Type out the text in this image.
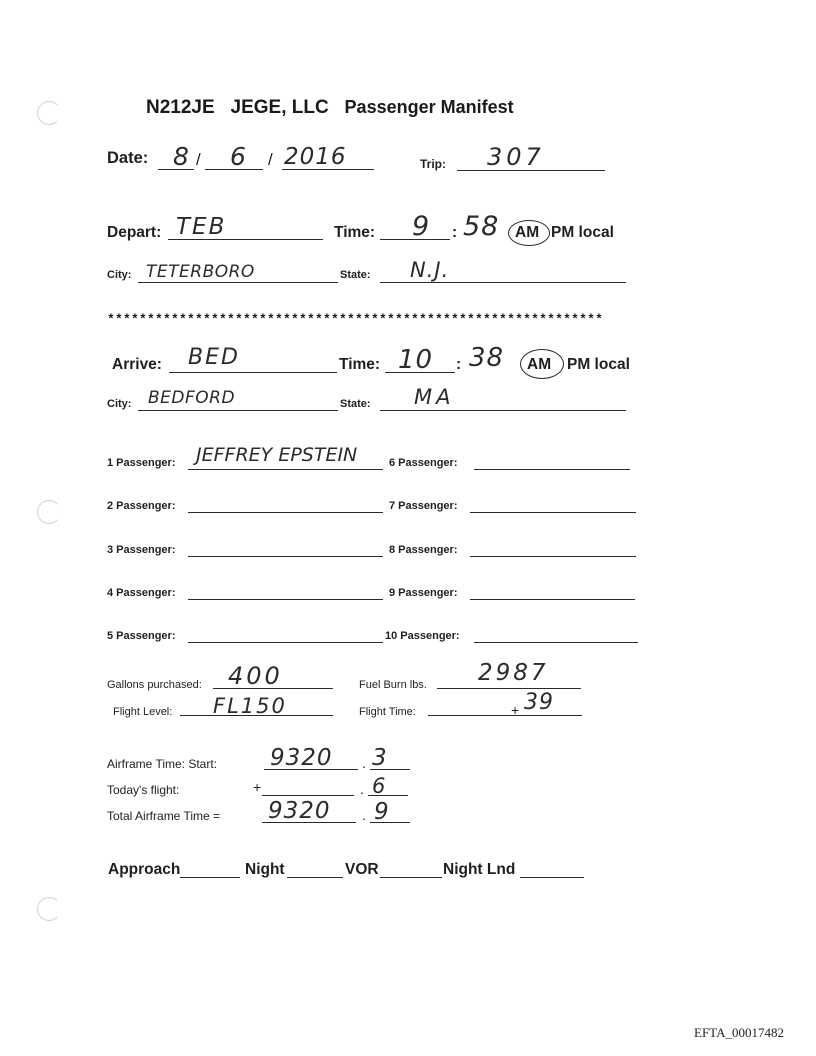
N212JE JEGE, LLC Passenger Manifest
Date: 8 / 6 / 2016	Trip: 307
Depart: TEB	Time: 9 : 58 AM PM local
City: TETERBORO	State: N.J.
**************************************************************
Arrive: BED	Time: 10 : 38 AM PM local
City: BEDFORD	State: MA
1 Passenger: JEFFREY EPSTEIN
2 Passenger:
3 Passenger:
4 Passenger:
5 Passenger:
6 Passenger:
7 Passenger:
8 Passenger:
9 Passenger:
10 Passenger:
Gallons purchased: 400	Fuel Burn lbs. 2987
Flight Level: FL150	Flight Time:	+ 39
Airframe Time: Start: 9320 . 3
Today's flight:	+	. 6
Total Airframe Time = 9320 . 9
Approach	Night	VOR	Night Lnd
EFTA_00017482
